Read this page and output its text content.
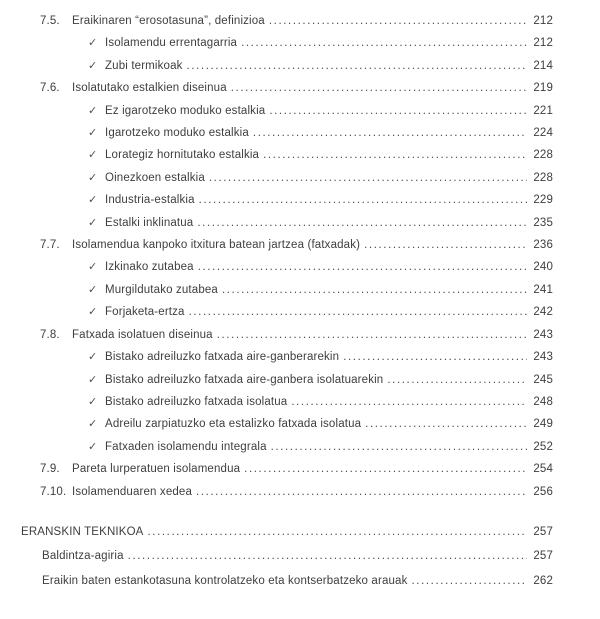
7.5.	Eraikinaren “erosotasuna”, definizioa .....	212
✓ Isolamendu errentagarria .....	212
✓ Zubi termikoak .....	214
7.6.	Isolatutako estalkien diseinua .....	219
✓ Ez igarotzeko moduko estalkia .....	221
✓ Igarotzeko moduko estalkia .....	224
✓ Lorategiz hornitutako estalkia .....	228
✓ Oinezkoen estalkia .....	228
✓ Industria-estalkia .....	229
✓ Estalki inklinatua .....	235
7.7.	Isolamendua kanpoko itxitura batean jartzea (fatxadak) .....	236
✓ Izkinako zutabea .....	240
✓ Murgildutako zutabea .....	241
✓ Forjaketa-ertza .....	242
7.8.	Fatxada isolatuen diseinua .....	243
✓ Bistako adreiluzko fatxada aire-ganberarekin .....	243
✓ Bistako adreiluzko fatxada aire-ganbera isolatuarekin .....	245
✓ Bistako adreiluzko fatxada isolatua .....	248
✓ Adreilu zarpiatuzko eta estalizko fatxada isolatua .....	249
✓ Fatxaden isolamendu integrala .....	252
7.9.	Pareta lurperatuen isolamendua .....	254
7.10. Isolamenduaren xedea .....	256
ERANSKIN TEKNIKOA .....	257
Baldintza-agiria .....	257
Eraikin baten estankotasuna kontrolatzeko eta kontserbatzeko arauak .....	262
